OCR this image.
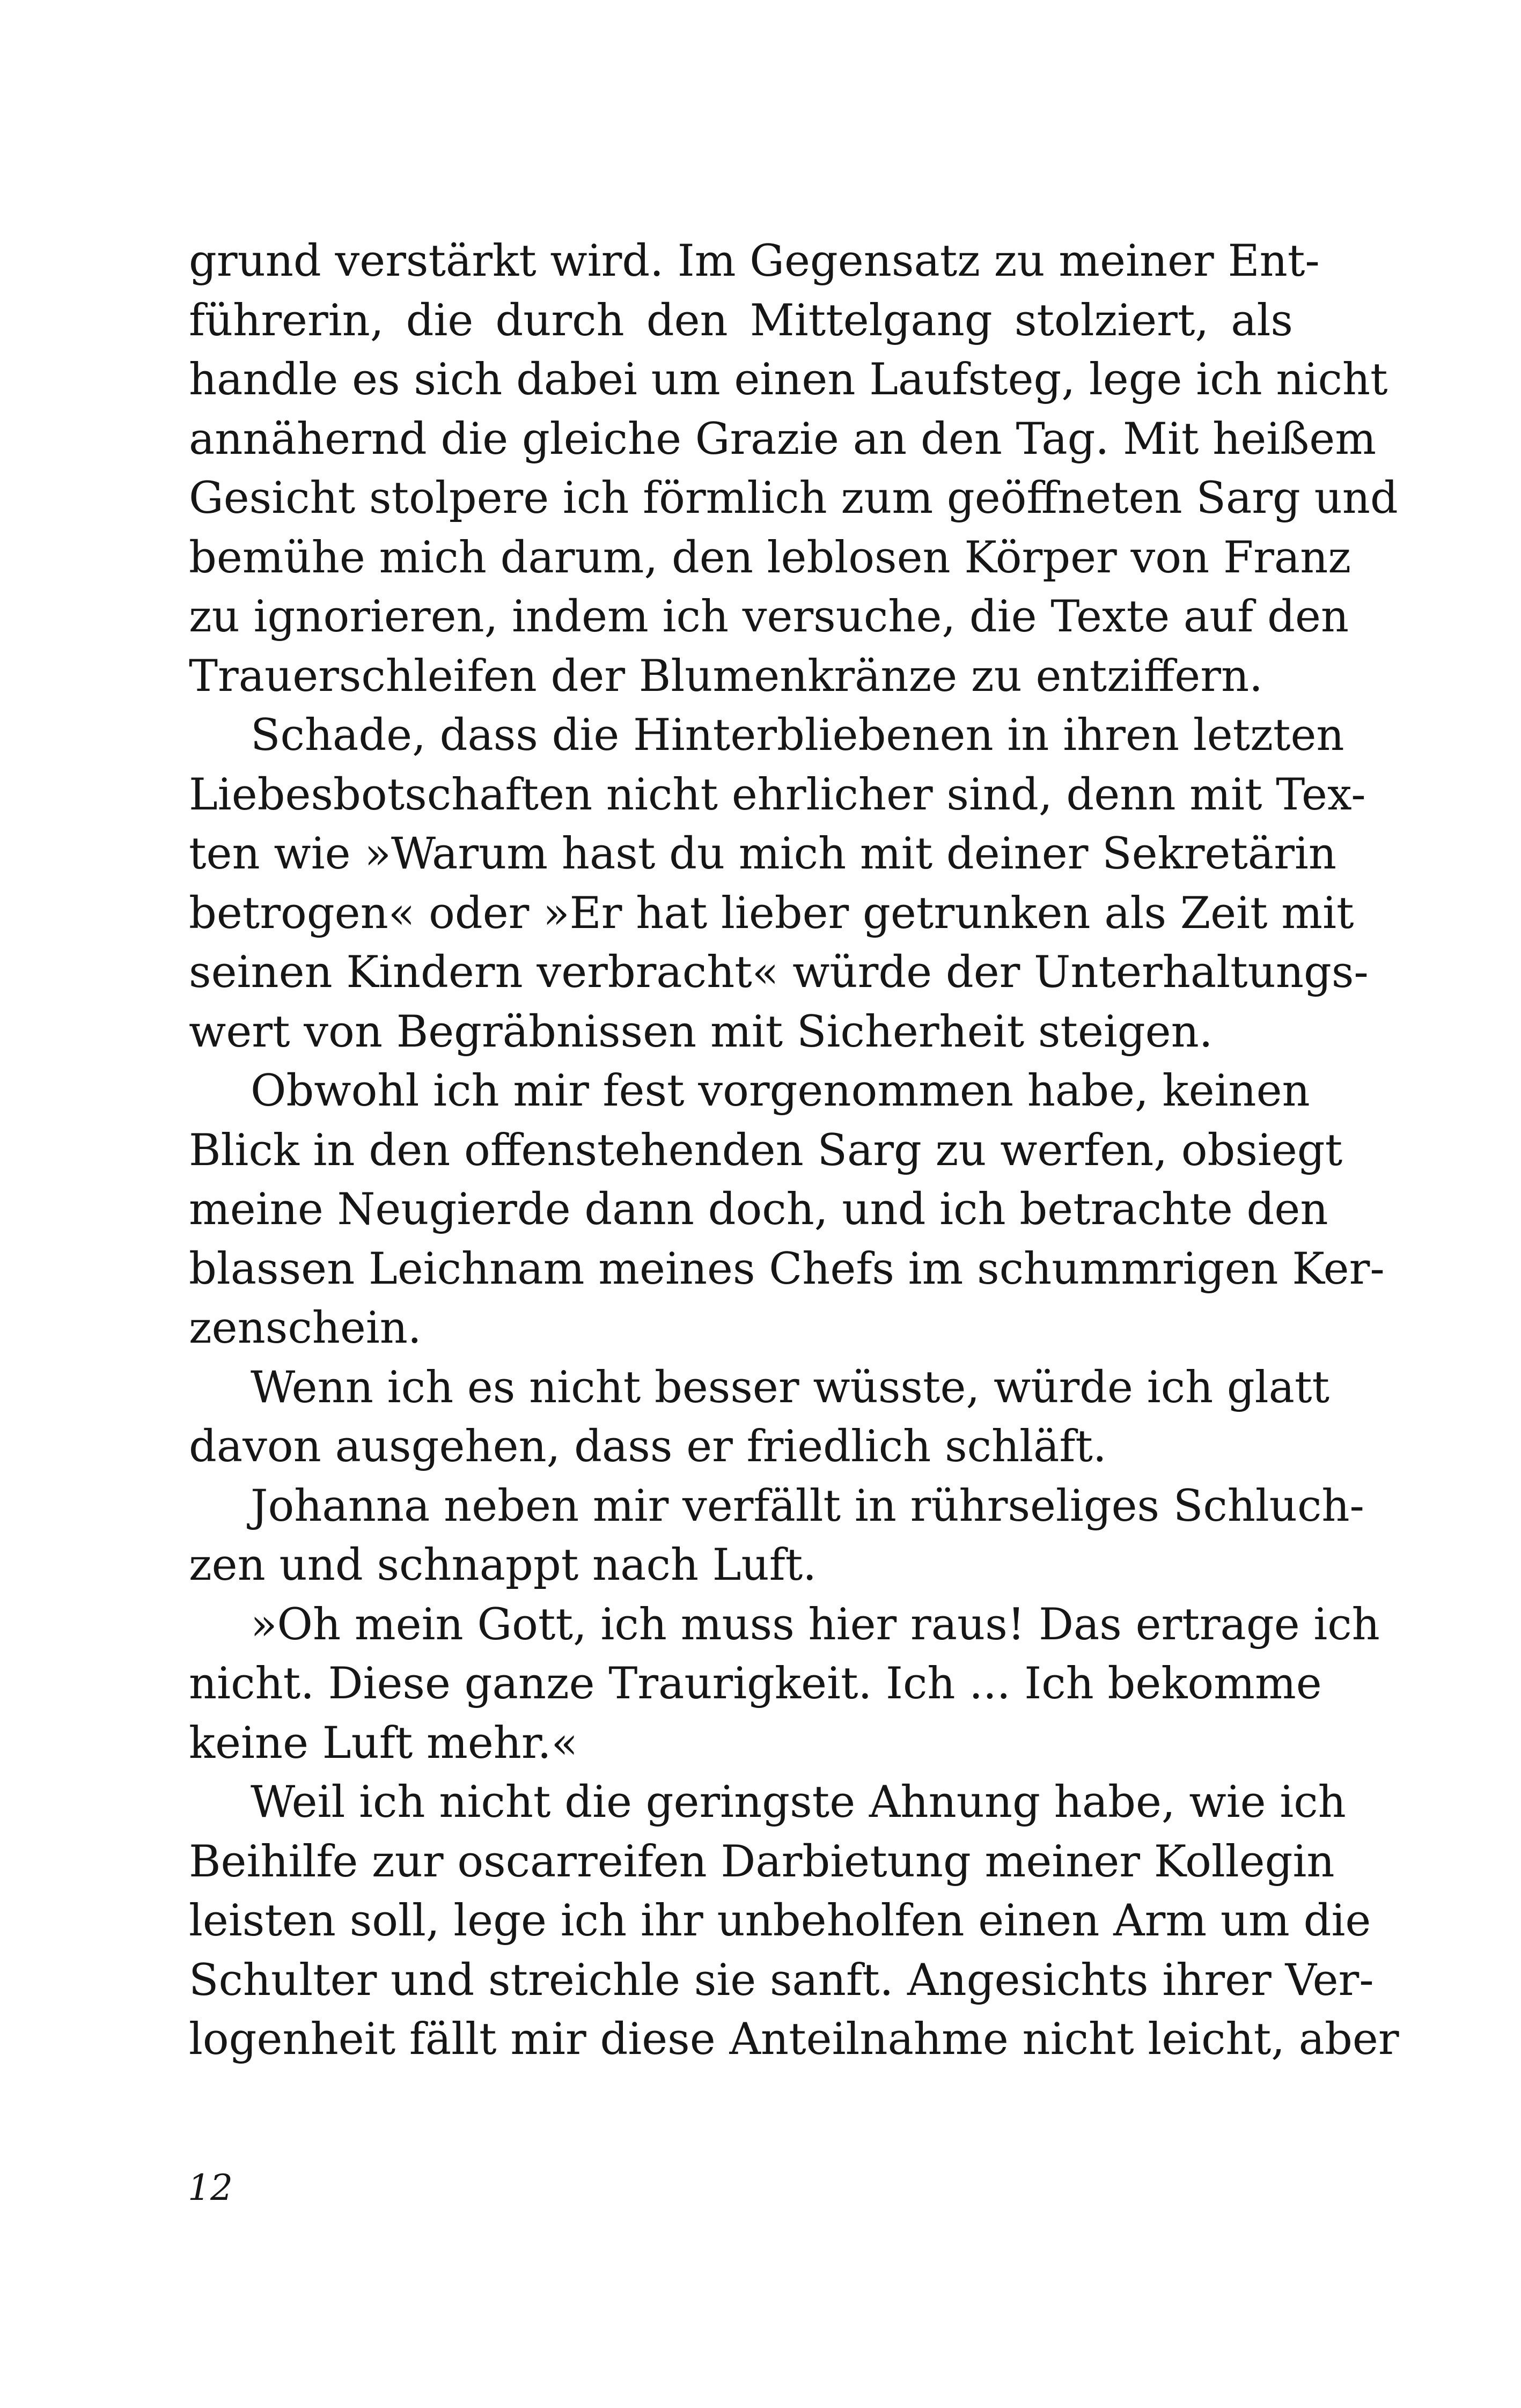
grund verstärkt wird. Im Gegensatz zu meiner Ent-
führerin, die durch den Mittelgang stolziert, als
handle es sich dabei um einen Laufsteg, lege ich nicht
annähernd die gleiche Grazie an den Tag. Mit heißem
Gesicht stolpere ich förmlich zum geöffneten Sarg und
bemühe mich darum, den leblosen Körper von Franz
zu ignorieren, indem ich versuche, die Texte auf den
Trauerschleifen der Blumenkränze zu entziffern.
Schade, dass die Hinterbliebenen in ihren letzten
Liebesbotschaften nicht ehrlicher sind, denn mit Tex-
ten wie »Warum hast du mich mit deiner Sekretärin
betrogen« oder »Er hat lieber getrunken als Zeit mit
seinen Kindern verbracht« würde der Unterhaltungs-
wert von Begräbnissen mit Sicherheit steigen.
Obwohl ich mir fest vorgenommen habe, keinen
Blick in den offenstehenden Sarg zu werfen, obsiegt
meine Neugierde dann doch, und ich betrachte den
blassen Leichnam meines Chefs im schummrigen Ker-
zenschein.
Wenn ich es nicht besser wüsste, würde ich glatt
davon ausgehen, dass er friedlich schläft.
Johanna neben mir verfällt in rührseliges Schluch-
zen und schnappt nach Luft.
»Oh mein Gott, ich muss hier raus! Das ertrage ich
nicht. Diese ganze Traurigkeit. Ich ... Ich bekomme
keine Luft mehr.«
Weil ich nicht die geringste Ahnung habe, wie ich
Beihilfe zur oscarreifen Darbietung meiner Kollegin
leisten soll, lege ich ihr unbeholfen einen Arm um die
Schulter und streichle sie sanft. Angesichts ihrer Ver-
logenheit fällt mir diese Anteilnahme nicht leicht, aber
12
